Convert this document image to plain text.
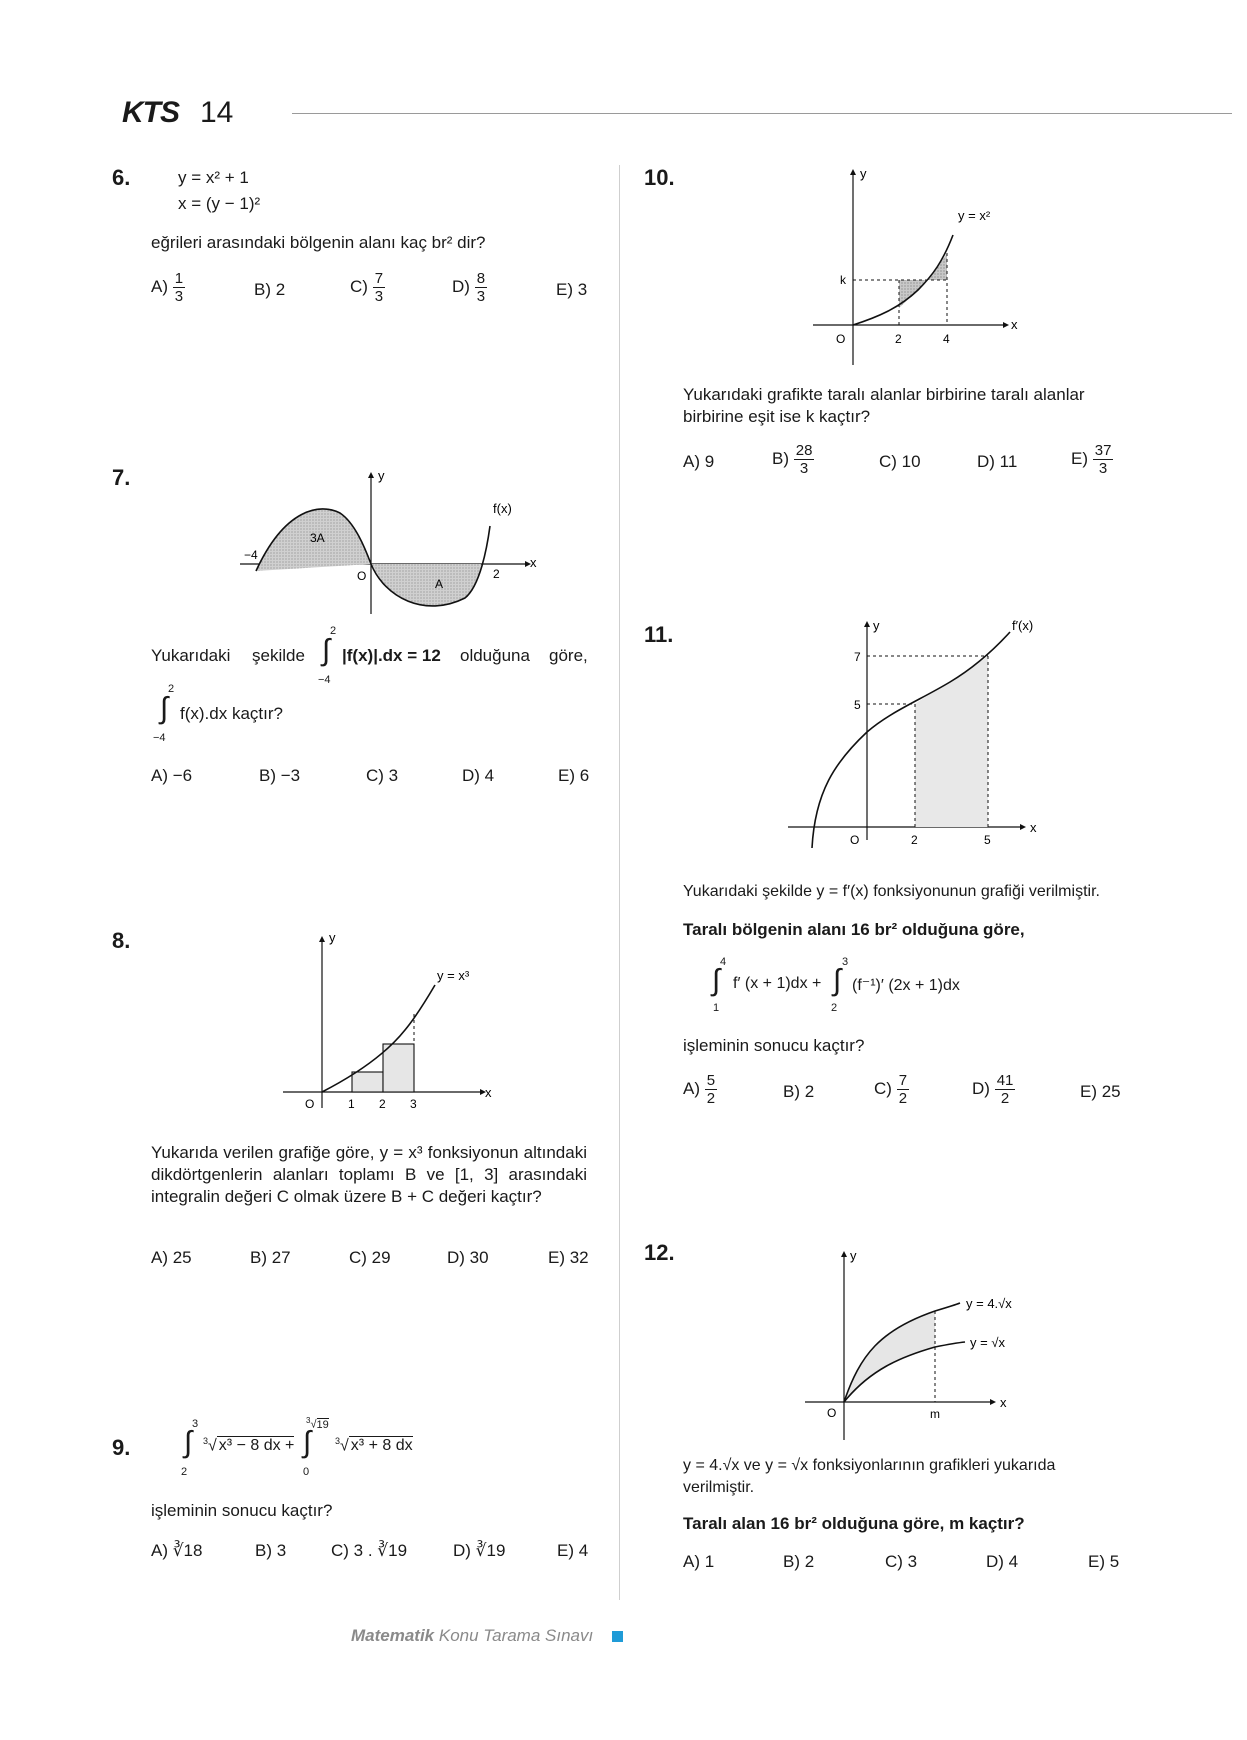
KTS 14
6.	y = x² + 1
x = (y − 1)²
eğrileri arasındaki bölgenin alanı kaç br² dir?
$A) \frac{1}{3}$	B) 2	$C) \frac{7}{3}$	$D) \frac{8}{3}$	E) 3
7.	y
x
f(x)
−4
O	2
3A
A
Yukarıdaki şekilde
2
∫
−4
|f(x)|.dx = 12 olduğuna göre,
2
∫
−4
f(x).dx kaçtır?
A) −6	B) −3	C) 3	D) 4	E) 6
8.	y
x
y = x³
O	1 2 3
Yukarıda verilen grafiğe göre, y = x³ fonksiyonun altındaki dikdörtgenlerin alanları toplamı B ve [1, 3] arasındaki integralin değeri C olmak üzere B + C değeri kaçtır?
A) 25	B) 27	C) 29	D) 30	E) 32
9.
3
∫
2
$^3$√ x³ − 8 dx +
$^3$√19
∫
0
$^3$√ x³ + 8 dx
işleminin sonucu kaçtır?
A) ∛18	B) 3	C) 3 . ∛19	D) ∛19	E) 4
10.	y
x
y = x²
k
O	2	4
Yukarıdaki grafikte taralı alanlar birbirine taralı alanlar birbirine eşit ise k kaçtır?
A) 9	$B) \frac{28}{3}$	C) 10	D) 11	$E) \frac{37}{3}$
11.	y
x
f′(x)
7
5
O	2	5
Yukarıdaki şekilde y = f′(x) fonksiyonunun grafiği verilmiştir.
Taralı bölgenin alanı 16 br² olduğuna göre,
4
∫
1
f′ (x + 1)dx +
3
∫
2
(f⁻¹)′ (2x + 1)dx
işleminin sonucu kaçtır?
$A) \frac{5}{2}$	B) 2	$C) \frac{7}{2}$	$D) \frac{41}{2}$	E) 25
12.	y
x
y = 4.√x
y = √x
O	m
y = 4.√x ve y = √x fonksiyonlarının grafikleri yukarıda verilmiştir.
Taralı alan 16 br² olduğuna göre, m kaçtır?
A) 1	B) 2	C) 3	D) 4	E) 5
Matematik Konu Tarama Sınavı
